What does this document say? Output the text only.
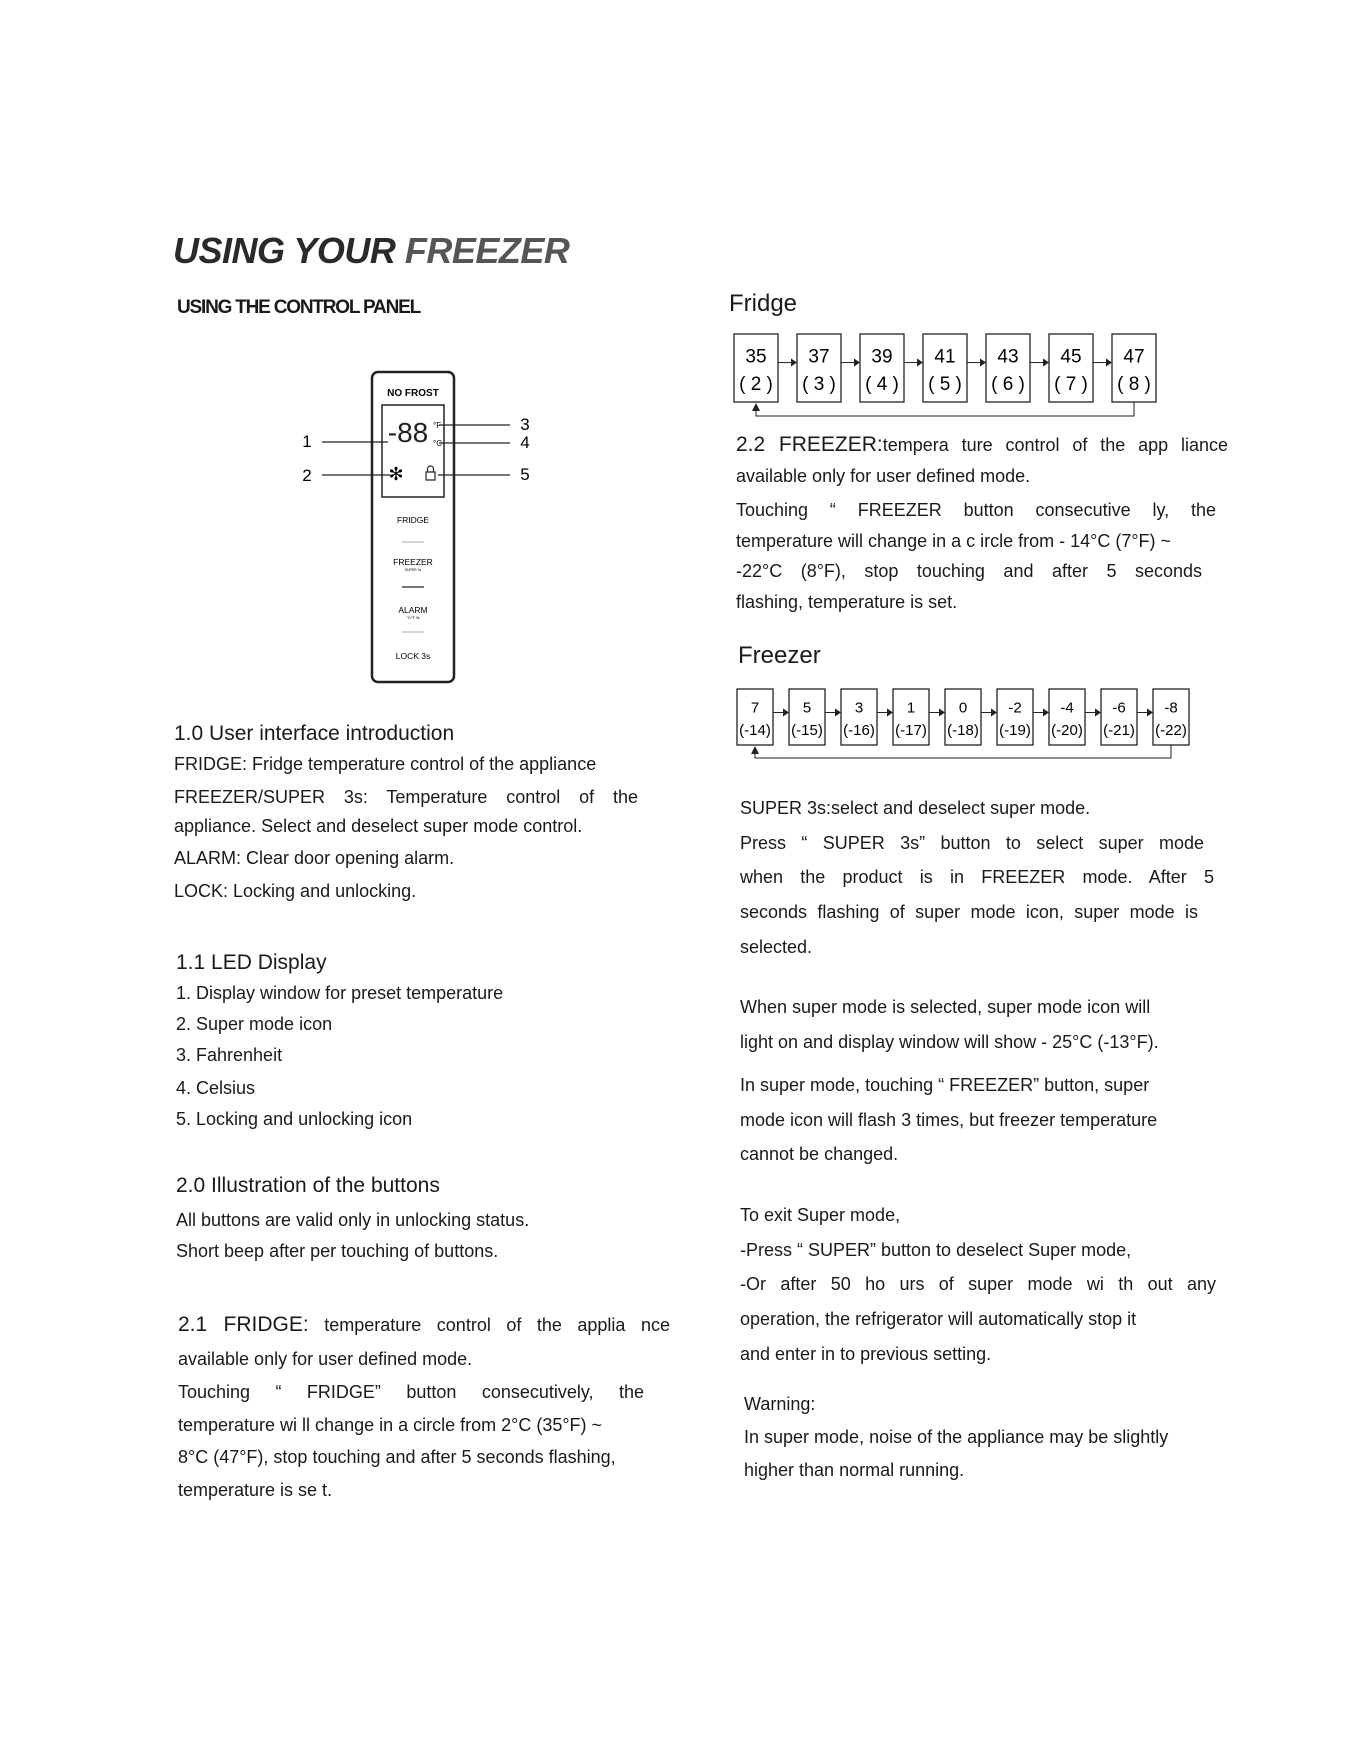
USING YOUR FREEZER
USING THE CONTROL PANEL
NO FROST
-88 °F
°C
✻
FRIDGE
FREEZER
SUPER 3s
ALARM
°C/°F 3s
LOCK 3s
1
2
3
4
5

1.0 User interface introduction

FRIDGE: Fridge temperature control of the appliance

FREEZER/SUPER 3s: Temperature control of the

appliance. Select and deselect super mode control.

ALARM: Clear door opening alarm.

LOCK: Locking and unlocking.

1.1 LED Display

1. Display window for preset temperature

2. Super mode icon

3. Fahrenheit

4. Celsius

5. Locking and unlocking icon

2.0 Illustration of the buttons

All buttons are valid only in unlocking status.

Short beep after per touching of buttons.

2.1 FRIDGE: temperature control of the applia nce

available only for user defined mode.

Touching “ FRIDGE” button consecutively, the

temperature wi ll change in a circle from 2°C (35°F) ~

8°C (47°F), stop touching and after 5 seconds flashing,

temperature is se t.

Fridge
35
( 2 )
37
( 3 )
39
( 4 )
41
( 5 )
43
( 6 )
45
( 7 )
47
( 8 )

2.2 FREEZER:tempera ture control of the app liance

available only for user defined mode.

Touching “ FREEZER button consecutive ly, the

temperature will change in a c ircle from - 14°C (7°F) ~

-22°C (8°F), stop touching and after 5 seconds

flashing, temperature is set.

Freezer
7
(-14)
5
(-15)
3
(-16)
1
(-17)
0
(-18)
-2
(-19)
-4
(-20)
-6
(-21)
-8
(-22)

SUPER 3s:select and deselect super mode.

Press “ SUPER 3s” button to select super mode

when the product is in FREEZER mode. After 5

seconds flashing of super mode icon, super mode is

selected.

When super mode is selected, super mode icon will

light on and display window will show - 25°C (-13°F).

In super mode, touching “ FREEZER” button, super

mode icon will flash 3 times, but freezer temperature

cannot be changed.

To exit Super mode,

-Press “ SUPER” button to deselect Super mode,

-Or after 50 ho urs of super mode wi th out any

operation, the refrigerator will automatically stop it

and enter in to previous setting.

Warning:

In super mode, noise of the appliance may be slightly

higher than normal running.
